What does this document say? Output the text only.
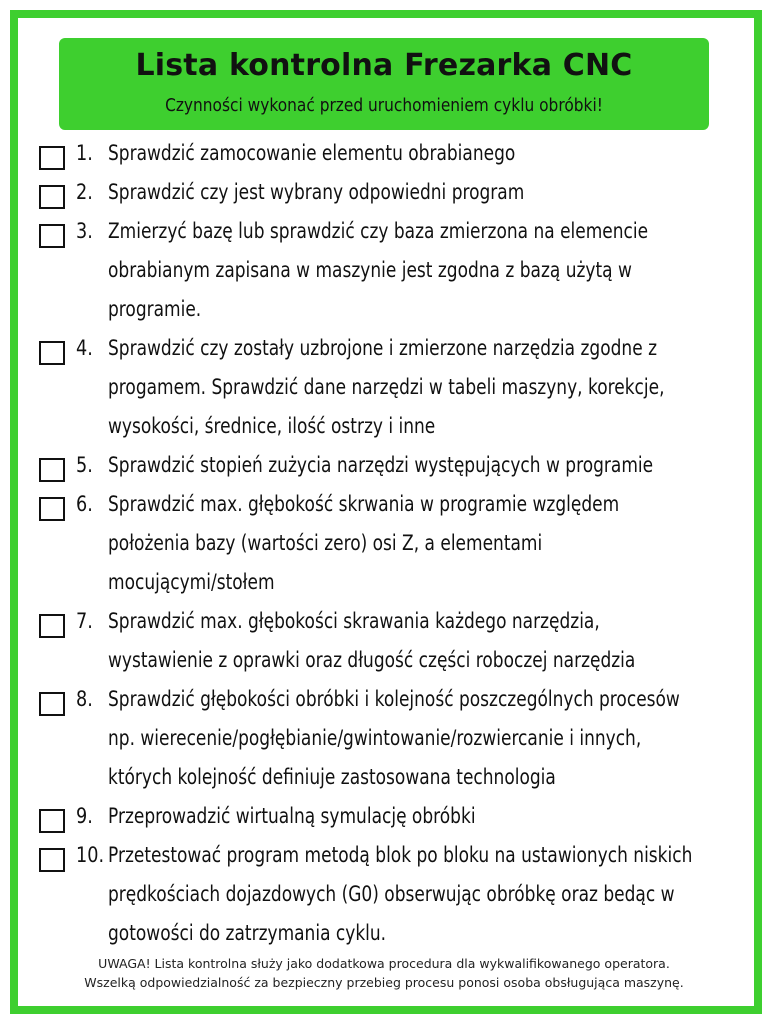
Lista kontrolna Frezarka CNC
Czynności wykonać przed uruchomieniem cyklu obróbki!
1. Sprawdzić zamocowanie elementu obrabianego
2. Sprawdzić czy jest wybrany odpowiedni program
3. Zmierzyć bazę lub sprawdzić czy baza zmierzona na elemencie
obrabianym zapisana w maszynie jest zgodna z bazą użytą w
programie.
4. Sprawdzić czy zostały uzbrojone i zmierzone narzędzia zgodne z
progamem. Sprawdzić dane narzędzi w tabeli maszyny, korekcje,
wysokości, średnice, ilość ostrzy i inne
5. Sprawdzić stopień zużycia narzędzi występujących w programie
6. Sprawdzić max. głębokość skrwania w programie względem
położenia bazy (wartości zero) osi Z, a elementami
mocującymi/stołem
7. Sprawdzić max. głębokości skrawania każdego narzędzia,
wystawienie z oprawki oraz długość części roboczej narzędzia
8. Sprawdzić głębokości obróbki i kolejność poszczególnych procesów
np. wierecenie/pogłębianie/gwintowanie/rozwiercanie i innych,
których kolejność definiuje zastosowana technologia
9. Przeprowadzić wirtualną symulację obróbki
10. Przetestować program metodą blok po bloku na ustawionych niskich
prędkościach dojazdowych (G0) obserwując obróbkę oraz bedąc w
gotowości do zatrzymania cyklu.
UWAGA! Lista kontrolna służy jako dodatkowa procedura dla wykwalifikowanego operatora.
Wszelką odpowiedzialność za bezpieczny przebieg procesu ponosi osoba obsługująca maszynę.
